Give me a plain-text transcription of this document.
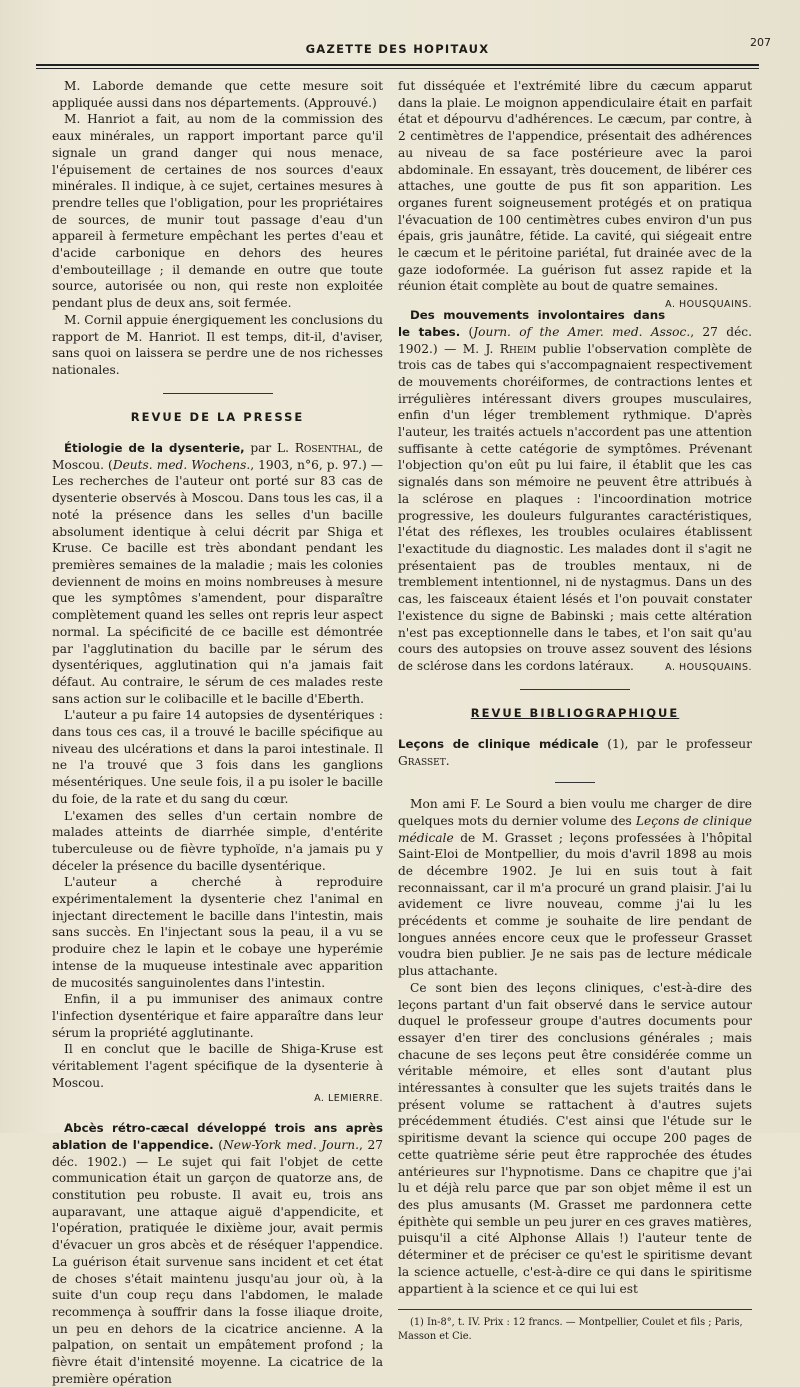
GAZETTE DES HOPITAUX	207

M. Laborde demande que cette mesure soit appliquée aussi dans nos départements. (Approuvé.)

M. Hanriot a fait, au nom de la commission des eaux minérales, un rapport important parce qu'il signale un grand danger qui nous menace, l'épuisement de certaines de nos sources d'eaux minérales. Il indique, à ce sujet, certaines mesures à prendre telles que l'obligation, pour les propriétaires de sources, de munir tout passage d'eau d'un appareil à fermeture empêchant les pertes d'eau et d'acide carbonique en dehors des heures d'embouteillage ; il demande en outre que toute source, autorisée ou non, qui reste non exploitée pendant plus de deux ans, soit fermée.

M. Cornil appuie énergiquement les conclusions du rapport de M. Hanriot. Il est temps, dit-il, d'aviser, sans quoi on laissera se perdre une de nos richesses nationales.

REVUE DE LA PRESSE

Étiologie de la dysenterie, par L. Rosenthal, de Moscou. (Deuts. med. Wochens., 1903, n°6, p. 97.) — Les recherches de l'auteur ont porté sur 83 cas de dysenterie observés à Moscou. Dans tous les cas, il a noté la présence dans les selles d'un bacille absolument identique à celui décrit par Shiga et Kruse. Ce bacille est très abondant pendant les premières semaines de la maladie ; mais les colonies deviennent de moins en moins nombreuses à mesure que les symptômes s'amendent, pour disparaître complètement quand les selles ont repris leur aspect normal. La spécificité de ce bacille est démontrée par l'agglutination du bacille par le sérum des dysentériques, agglutination qui n'a jamais fait défaut. Au contraire, le sérum de ces malades reste sans action sur le colibacille et le bacille d'Eberth.

L'auteur a pu faire 14 autopsies de dysentériques : dans tous ces cas, il a trouvé le bacille spécifique au niveau des ulcérations et dans la paroi intestinale. Il ne l'a trouvé que 3 fois dans les ganglions mésentériques. Une seule fois, il a pu isoler le bacille du foie, de la rate et du sang du cœur.

L'examen des selles d'un certain nombre de malades atteints de diarrhée simple, d'entérite tuberculeuse ou de fièvre typhoïde, n'a jamais pu y déceler la présence du bacille dysentérique.

L'auteur a cherché à reproduire expérimentalement la dysenterie chez l'animal en injectant directement le bacille dans l'intestin, mais sans succès. En l'injectant sous la peau, il a vu se produire chez le lapin et le cobaye une hyperémie intense de la muqueuse intestinale avec apparition de mucosités sanguinolentes dans l'intestin.

Enfin, il a pu immuniser des animaux contre l'infection dysentérique et faire apparaître dans leur sérum la propriété agglutinante.

Il en conclut que le bacille de Shiga-Kruse est véritablement l'agent spécifique de la dysenterie à Moscou.

A. LEMIERRE.

Abcès rétro-cæcal développé trois ans après ablation de l'appendice. (New-York med. Journ., 27 déc. 1902.) — Le sujet qui fait l'objet de cette communication était un garçon de quatorze ans, de constitution peu robuste. Il avait eu, trois ans auparavant, une attaque aiguë d'appendicite, et l'opération, pratiquée le dixième jour, avait permis d'évacuer un gros abcès et de réséquer l'appendice. La guérison était survenue sans incident et cet état de choses s'était maintenu jusqu'au jour où, à la suite d'un coup reçu dans l'abdomen, le malade recommença à souffrir dans la fosse iliaque droite, un peu en dehors de la cicatrice ancienne. A la palpation, on sentait un empâtement profond ; la fièvre était d'intensité moyenne. La cicatrice de la première opération

fut disséquée et l'extrémité libre du cæcum apparut dans la plaie. Le moignon appendiculaire était en parfait état et dépourvu d'adhérences. Le cæcum, par contre, à 2 centimètres de l'appendice, présentait des adhérences au niveau de sa face postérieure avec la paroi abdominale. En essayant, très doucement, de libérer ces attaches, une goutte de pus fit son apparition. Les organes furent soigneusement protégés et on pratiqua l'évacuation de 100 centimètres cubes environ d'un pus épais, gris jaunâtre, fétide. La cavité, qui siégeait entre le cæcum et le péritoine pariétal, fut drainée avec de la gaze iodoformée. La guérison fut assez rapide et la réunion était complète au bout de quatre semaines.
A. HOUSQUAINS.

Des mouvements involontaires dans le tabes. (Journ. of the Amer. med. Assoc., 27 déc. 1902.) — M. J. Rheim publie l'observation complète de trois cas de tabes qui s'accompagnaient respectivement de mouvements choréiformes, de contractions lentes et irrégulières intéressant divers groupes musculaires, enfin d'un léger tremblement rythmique. D'après l'auteur, les traités actuels n'accordent pas une attention suffisante à cette catégorie de symptômes. Prévenant l'objection qu'on eût pu lui faire, il établit que les cas signalés dans son mémoire ne peuvent être attribués à la sclérose en plaques : l'incoordination motrice progressive, les douleurs fulgurantes caractéristiques, l'état des réflexes, les troubles oculaires établissent l'exactitude du diagnostic. Les malades dont il s'agit ne présentaient pas de troubles mentaux, ni de tremblement intentionnel, ni de nystagmus. Dans un des cas, les faisceaux étaient lésés et l'on pouvait constater l'existence du signe de Babinski ; mais cette altération n'est pas exceptionnelle dans le tabes, et l'on sait qu'au cours des autopsies on trouve assez souvent des lésions de sclérose dans les cordons latéraux.	A. HOUSQUAINS.

REVUE BIBLIOGRAPHIQUE

Leçons de clinique médicale (1), par le professeur Grasset.

Mon ami F. Le Sourd a bien voulu me charger de dire quelques mots du dernier volume des Leçons de clinique médicale de M. Grasset ; leçons professées à l'hôpital Saint-Eloi de Montpellier, du mois d'avril 1898 au mois de décembre 1902. Je lui en suis tout à fait reconnaissant, car il m'a procuré un grand plaisir. J'ai lu avidement ce livre nouveau, comme j'ai lu les précédents et comme je souhaite de lire pendant de longues années encore ceux que le professeur Grasset voudra bien publier. Je ne sais pas de lecture médicale plus attachante.

Ce sont bien des leçons cliniques, c'est-à-dire des leçons partant d'un fait observé dans le service autour duquel le professeur groupe d'autres documents pour essayer d'en tirer des conclusions générales ; mais chacune de ses leçons peut être considérée comme un véritable mémoire, et elles sont d'autant plus intéressantes à consulter que les sujets traités dans le présent volume se rattachent à d'autres sujets précédemment étudiés. C'est ainsi que l'étude sur le spiritisme devant la science qui occupe 200 pages de cette quatrième série peut être rapprochée des études antérieures sur l'hypnotisme. Dans ce chapitre que j'ai lu et déjà relu parce que par son objet même il est un des plus amusants (M. Grasset me pardonnera cette épithète qui semble un peu jurer en ces graves matières, puisqu'il a cité Alphonse Allais !) l'auteur tente de déterminer et de préciser ce qu'est le spiritisme devant la science actuelle, c'est-à-dire ce qui dans le spiritisme appartient à la science et ce qui lui est

(1) In-8°, t. IV. Prix : 12 francs. — Montpellier, Coulet et fils ; Paris, Masson et Cie.
